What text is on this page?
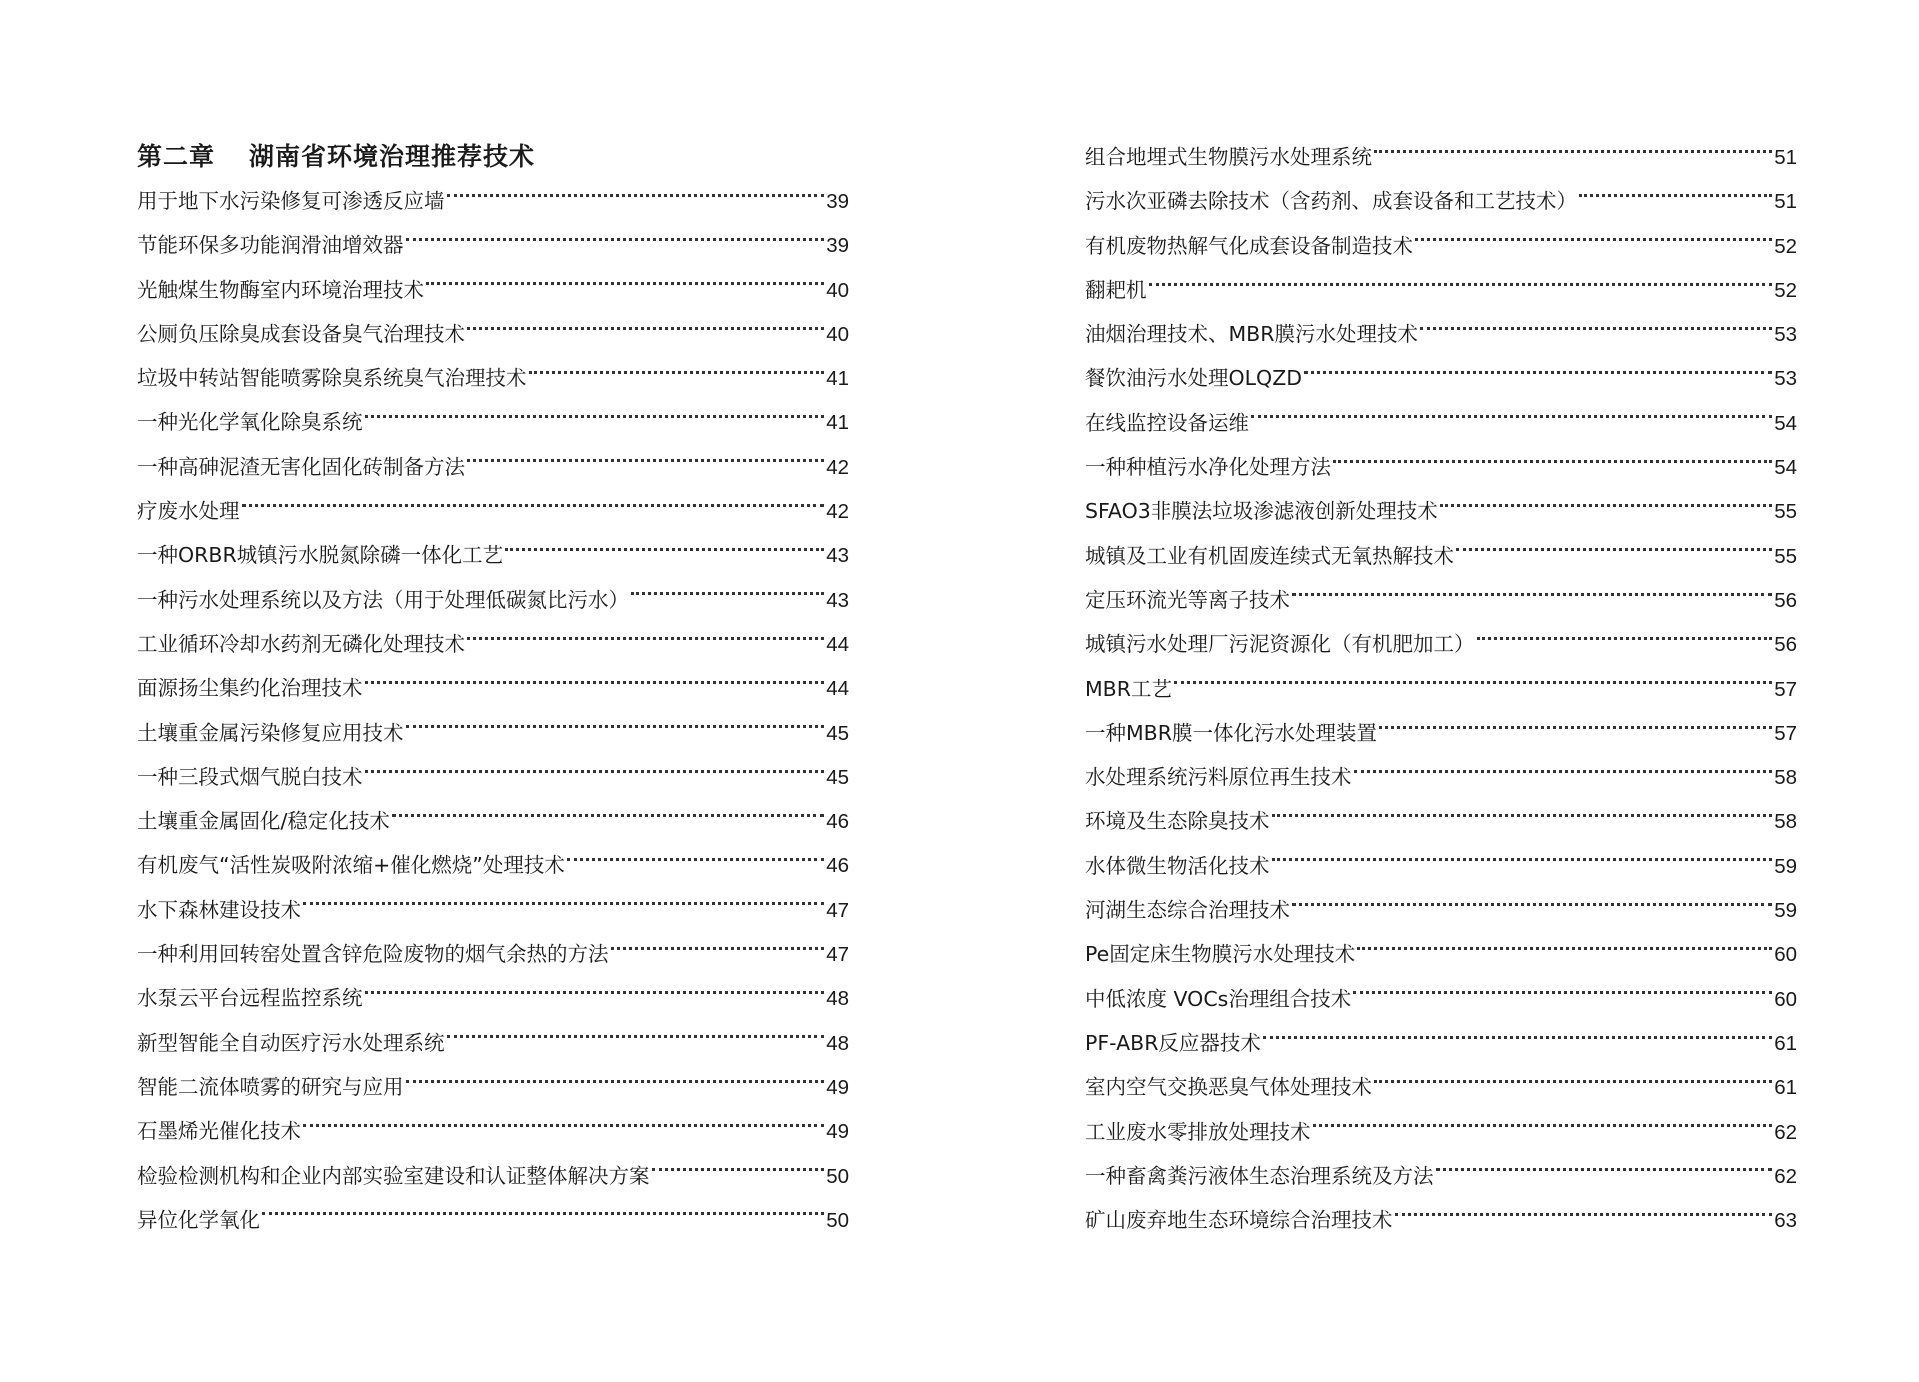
第二章 湖南省环境治理推荐技术
用于地下水污染修复可渗透反应墙	39
节能环保多功能润滑油增效器	39
光触煤生物酶室内环境治理技术	40
公厕负压除臭成套设备臭气治理技术	40
垃圾中转站智能喷雾除臭系统臭气治理技术	41
一种光化学氧化除臭系统	41
一种高砷泥渣无害化固化砖制备方法	42
疗废水处理	42
一种ORBR城镇污水脱氮除磷一体化工艺	43
一种污水处理系统以及方法（用于处理低碳氮比污水）	43
工业循环冷却水药剂无磷化处理技术	44
面源扬尘集约化治理技术	44
土壤重金属污染修复应用技术	45
一种三段式烟气脱白技术	45
土壤重金属固化/稳定化技术	46
有机废气“活性炭吸附浓缩+催化燃烧”处理技术	46
水下森林建设技术	47
一种利用回转窑处置含锌危险废物的烟气余热的方法	47
水泵云平台远程监控系统	48
新型智能全自动医疗污水处理系统	48
智能二流体喷雾的研究与应用	49
石墨烯光催化技术	49
检验检测机构和企业内部实验室建设和认证整体解决方案	50
异位化学氧化	50
组合地埋式生物膜污水处理系统	51
污水次亚磷去除技术（含药剂、成套设备和工艺技术）	51
有机废物热解气化成套设备制造技术	52
翻耙机	52
油烟治理技术、MBR膜污水处理技术	53
餐饮油污水处理OLQZD	53
在线监控设备运维	54
一种种植污水净化处理方法	54
SFAO3非膜法垃圾渗滤液创新处理技术	55
城镇及工业有机固废连续式无氧热解技术	55
定压环流光等离子技术	56
城镇污水处理厂污泥资源化（有机肥加工）	56
MBR工艺	57
一种MBR膜一体化污水处理装置	57
水处理系统污料原位再生技术	58
环境及生态除臭技术	58
水体微生物活化技术	59
河湖生态综合治理技术	59
Pe固定床生物膜污水处理技术	60
中低浓度 VOCs治理组合技术	60
PF-ABR反应器技术	61
室内空气交换恶臭气体处理技术	61
工业废水零排放处理技术	62
一种畜禽粪污液体生态治理系统及方法	62
矿山废弃地生态环境综合治理技术	63
